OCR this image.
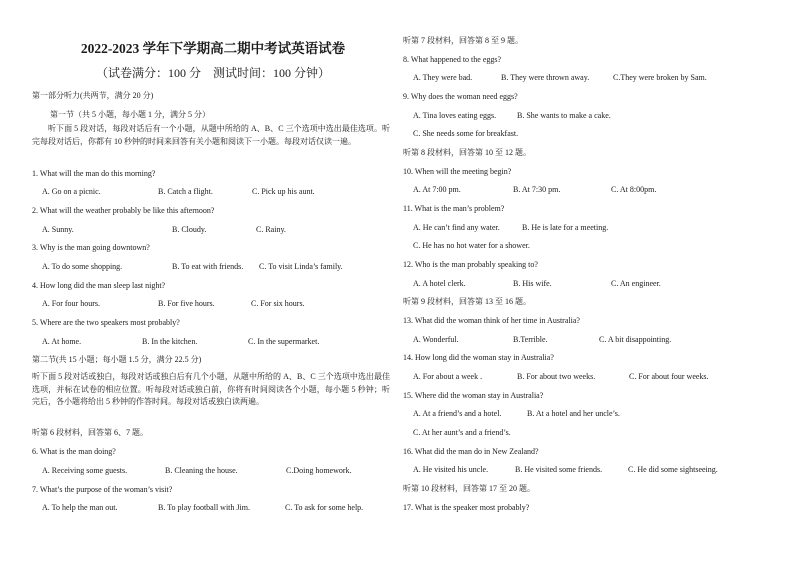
2022-2023 学年下学期高二期中考试英语试卷
（试卷满分：100 分　测试时间：100 分钟）
第一部分听力(共两节，满分 20 分)
第一节（共 5 小题，每小题 1 分，满分 5 分）
听下面 5 段对话，每段对话后有一个小题，从题中所给的 A、B、C 三个选项中选出最佳选项。听完每段对话后，你都有 10 秒钟的时间来回答有关小题和阅读下一小题。每段对话仅读一遍。
1. What will the man do this morning?
A. Go on a picnic.	B. Catch a flight.	C. Pick up his aunt.
2. What will the weather probably be like this afternoon?
A. Sunny.	B. Cloudy.	C. Rainy.
3. Why is the man going downtown?
A. To do some shopping.	B. To eat with friends.	C. To visit Linda’s family.
4. How long did the man sleep last night?
A. For four hours.	B. For five hours.	C. For six hours.
5. Where are the two speakers most probably?
A. At home.	B. In the kitchen.	C. In the supermarket.
第二节(共 15 小题；每小题 1.5 分，满分 22.5 分)
听下面 5 段对话或独白，每段对话或独白后有几个小题，从题中所给的 A、B、C 三个选项中选出最佳选项，并标在试卷的相应位置。听每段对话或独白前，你将有时间阅读各个小题，每小题 5 秒钟；听完后，各小题将给出 5 秒钟的作答时间。每段对话或独白读两遍。
听第 6 段材料，回答第 6、7 题。
6. What is the man doing?
A. Receiving some guests.	B. Cleaning the house.	C.Doing homework.
7. What’s the purpose of the woman’s visit?
A. To help the man out.	B. To play football with Jim.	C. To ask for some help.
听第 7 段材料，回答第 8 至 9 题。
8. What happened to the eggs?
A. They were bad.	B. They were thrown away.	C.They were broken by Sam.
9. Why does the woman need eggs?
A. Tina loves eating eggs.	B. She wants to make a cake.
C. She needs some for breakfast.
听第 8 段材料，回答第 10 至 12 题。
10. When will the meeting begin?
A. At 7:00 pm.	B. At 7:30 pm.	C. At 8:00pm.
11. What is the man’s problem?
A. He can’t find any water.	B. He is late for a meeting.
C. He has no hot water for a shower.
12. Who is the man probably speaking to?
A. A hotel clerk.	B. His wife.	C. An engineer.
听第 9 段材料，回答第 13 至 16 题。
13. What did the woman think of her time in Australia?
A. Wonderful.	B.Terrible.	C. A bit disappointing.
14. How long did the woman stay in Australia?
A. For about a week .	B. For about two weeks.	C. For about four weeks.
15. Where did the woman stay in Australia?
A. At a friend’s and a hotel.	B. At a hotel and her uncle’s.
C. At her aunt’s and a friend’s.
16. What did the man do in New Zealand?
A. He visited his uncle.	B. He visited some friends.	C. He did some sightseeing.
听第 10 段材料，回答第 17 至 20 题。
17. What is the speaker most probably?
